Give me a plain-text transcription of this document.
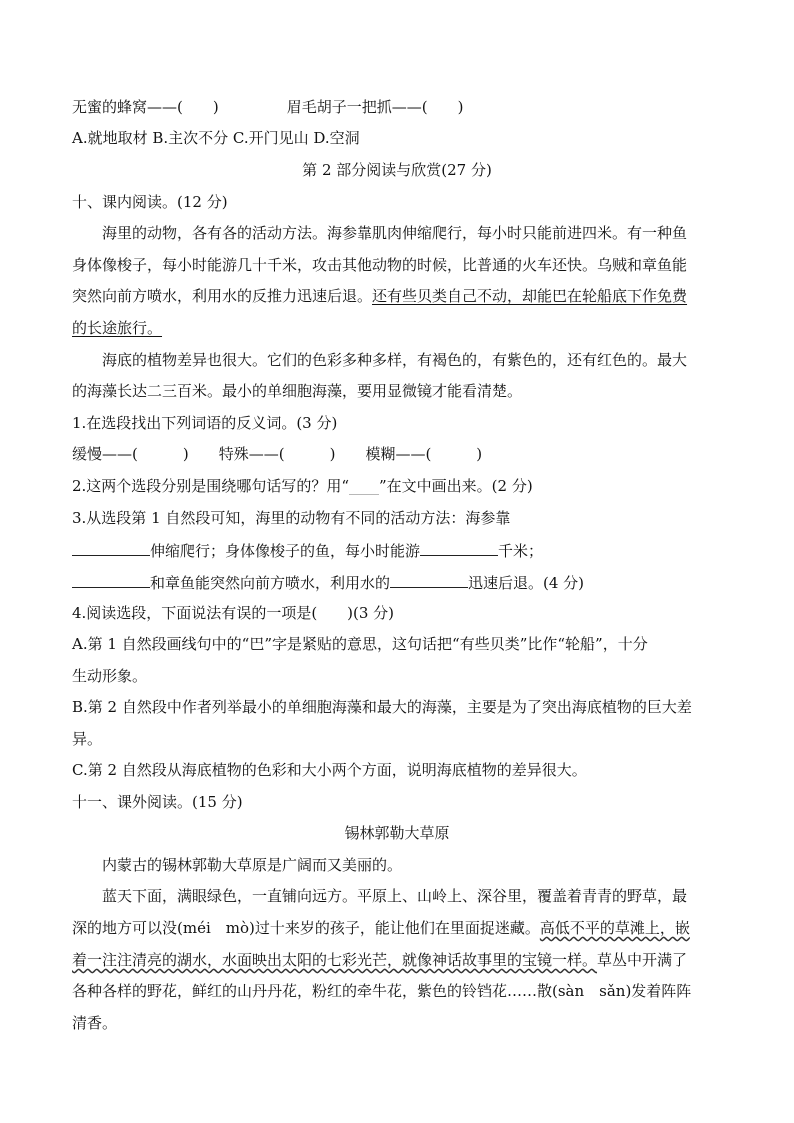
无蜜的蜂窝——(　　)	眉毛胡子一把抓——(　　)
A.就地取材 B.主次不分 C.开门见山 D.空洞
第 2 部分阅读与欣赏(27 分)
十、课内阅读。(12 分)
　　海里的动物，各有各的活动方法。海参靠肌肉伸缩爬行，每小时只能前进四米。有一种鱼
身体像梭子，每小时能游几十千米，攻击其他动物的时候，比普通的火车还快。乌贼和章鱼能
突然向前方喷水，利用水的反推力迅速后退。还有些贝类自己不动，却能巴在轮船底下作免费
的长途旅行。
　　海底的植物差异也很大。它们的色彩多种多样，有褐色的，有紫色的，还有红色的。最大
的海藻长达二三百米。最小的单细胞海藻，要用显微镜才能看清楚。
1.在选段找出下列词语的反义词。(3 分)
缓慢——(　　　) 特殊——(　　　) 模糊——(　　　)
2.这两个选段分别是围绕哪句话写的？用“____”在文中画出来。(2 分)
3.从选段第 1 自然段可知，海里的动物有不同的活动方法：海参靠
伸缩爬行；身体像梭子的鱼，每小时能游	千米；
和章鱼能突然向前方喷水，利用水的	迅速后退。(4 分)
4.阅读选段，下面说法有误的一项是(　　)(3 分)
A.第 1 自然段画线句中的“巴”字是紧贴的意思，这句话把“有些贝类”比作“轮船”，十分
生动形象。
B.第 2 自然段中作者列举最小的单细胞海藻和最大的海藻，主要是为了突出海底植物的巨大差
异。
C.第 2 自然段从海底植物的色彩和大小两个方面，说明海底植物的差异很大。
十一、课外阅读。(15 分)
锡林郭勒大草原
　　内蒙古的锡林郭勒大草原是广阔而又美丽的。
　　蓝天下面，满眼绿色，一直铺向远方。平原上、山岭上、深谷里，覆盖着青青的野草，最
深的地方可以没(méi　mò)过十来岁的孩子，能让他们在里面捉迷藏。高低不平的草滩上，嵌
着一注注清亮的湖水，水面映出太阳的七彩光芒，就像神话故事里的宝镜一样。草丛中开满了
各种各样的野花，鲜红的山丹丹花，粉红的牵牛花，紫色的铃铛花……散(sàn　sǎn)发着阵阵
清香。
